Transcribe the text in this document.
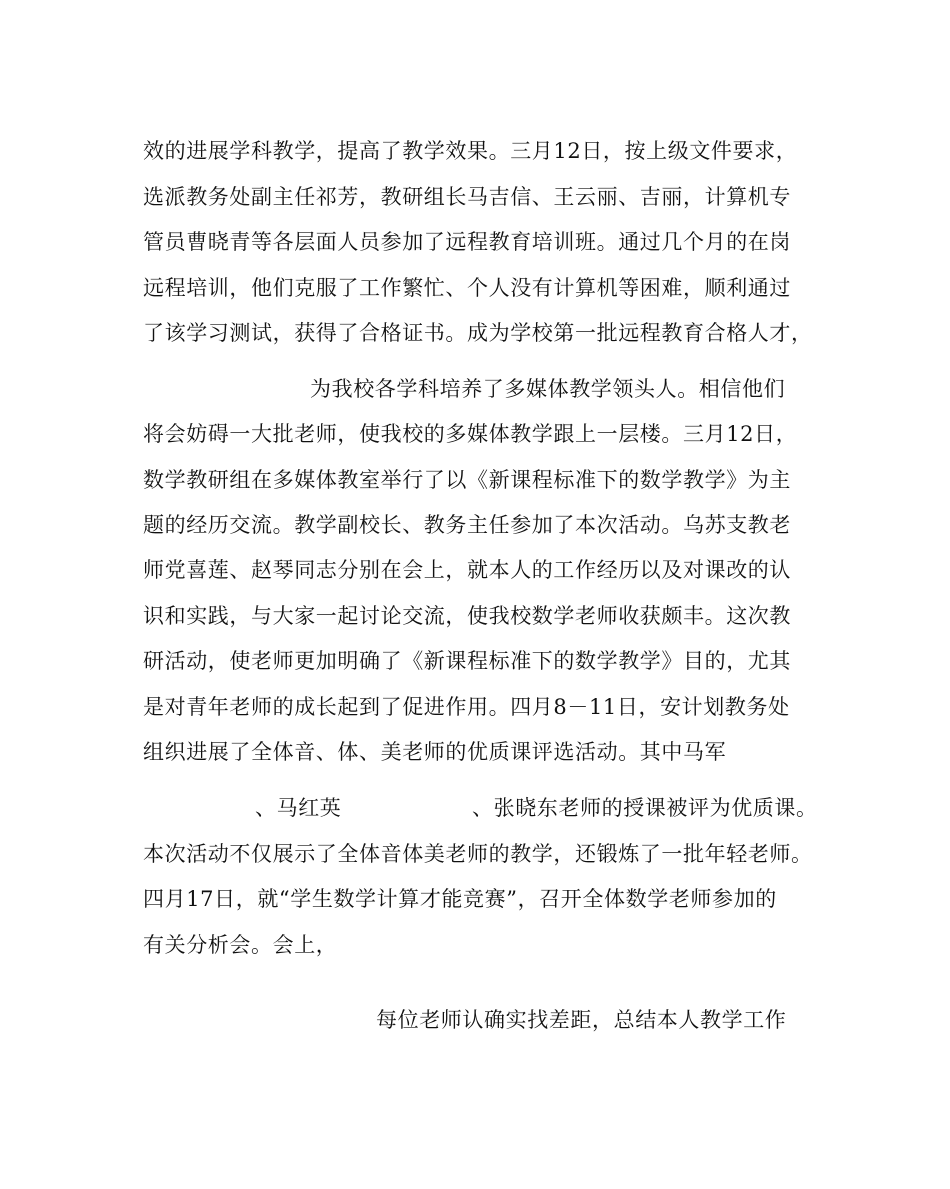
效的进展学科教学，提高了教学效果。三月12日，按上级文件要求，
选派教务处副主任祁芳，教研组长马吉信、王云丽、吉丽，计算机专
管员曹晓青等各层面人员参加了远程教育培训班。通过几个月的在岗
远程培训，他们克服了工作繁忙、个人没有计算机等困难，顺利通过
了该学习测试，获得了合格证书。成为学校第一批远程教育合格人才，
为我校各学科培养了多媒体教学领头人。相信他们
将会妨碍一大批老师，使我校的多媒体教学跟上一层楼。三月12日，
数学教研组在多媒体教室举行了以《新课程标准下的数学教学》为主
题的经历交流。教学副校长、教务主任参加了本次活动。乌苏支教老
师党喜莲、赵琴同志分别在会上，就本人的工作经历以及对课改的认
识和实践，与大家一起讨论交流，使我校数学老师收获颇丰。这次教
研活动，使老师更加明确了《新课程标准下的数学教学》目的，尤其
是对青年老师的成长起到了促进作用。四月8－11日，安计划教务处
组织进展了全体音、体、美老师的优质课评选活动。其中马军
、马红英	、张晓东老师的授课被评为优质课。
本次活动不仅展示了全体音体美老师的教学，还锻炼了一批年轻老师。
四月17日，就“学生数学计算才能竞赛”，召开全体数学老师参加的
有关分析会。会上，
每位老师认确实找差距，总结本人教学工作
